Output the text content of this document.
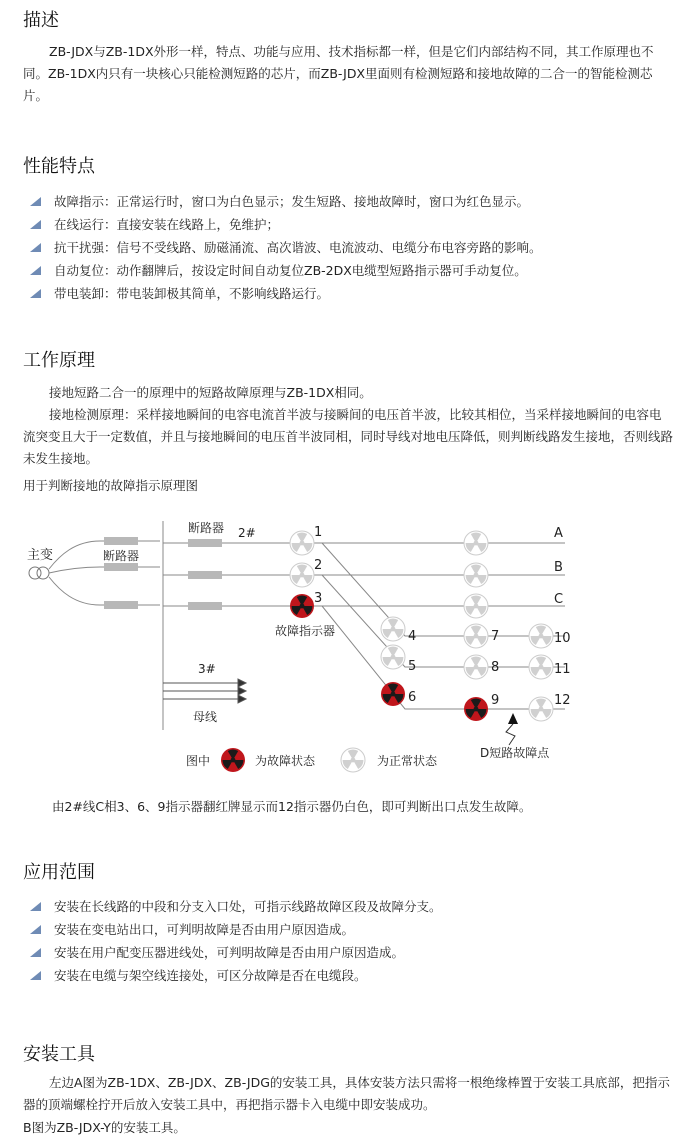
描述

ZB-JDX与ZB-1DX外形一样，特点、功能与应用、技术指标都一样，但是它们内部结构不同，其工作原理也不同。ZB-1DX内只有一块核心只能检测短路的芯片，而ZB-JDX里面则有检测短路和接地故障的二合一的智能检测芯片。

性能特点
故障指示：正常运行时，窗口为白色显示；发生短路、接地故障时，窗口为红色显示。
在线运行：直接安装在线路上，免维护；
抗干扰强：信号不受线路、励磁涌流、高次谐波、电流波动、电缆分布电容旁路的影响。
自动复位：动作翻牌后，按设定时间自动复位ZB-2DX电缆型短路指示器可手动复位。
带电装卸：带电装卸极其简单，不影响线路运行。
工作原理

接地短路二合一的原理中的短路故障原理与ZB-1DX相同。

接地检测原理：采样接地瞬间的电容电流首半波与接瞬间的电压首半波，比较其相位，当采样接地瞬间的电容电流突变且大于一定数值，并且与接地瞬间的电压首半波同相，同时导线对地电压降低，则判断线路发生接地，否则线路未发生接地。

用于判断接地的故障指示原理图

主变	断路器
母线
断路器 2#	A
B
C
1
2
3
4
5
6
7
8
9
10
11
12
故障指示器
3#
D短路故障点
图中	为故障状态	为正常状态

由2#线C相3、6、9指示器翻红牌显示而12指示器仍白色，即可判断出口点发生故障。

应用范围
安装在长线路的中段和分支入口处，可指示线路故障区段及故障分支。
安装在变电站出口，可判明故障是否由用户原因造成。
安装在用户配变压器进线处，可判明故障是否由用户原因造成。
安装在电缆与架空线连接处，可区分故障是否在电缆段。
安装工具

左边A图为ZB-1DX、ZB-JDX、ZB-JDG的安装工具，具体安装方法只需将一根绝缘棒置于安装工具底部，把指示器的顶端螺栓拧开后放入安装工具中，再把指示器卡入电缆中即安装成功。

B图为ZB-JDX-Y的安装工具。
